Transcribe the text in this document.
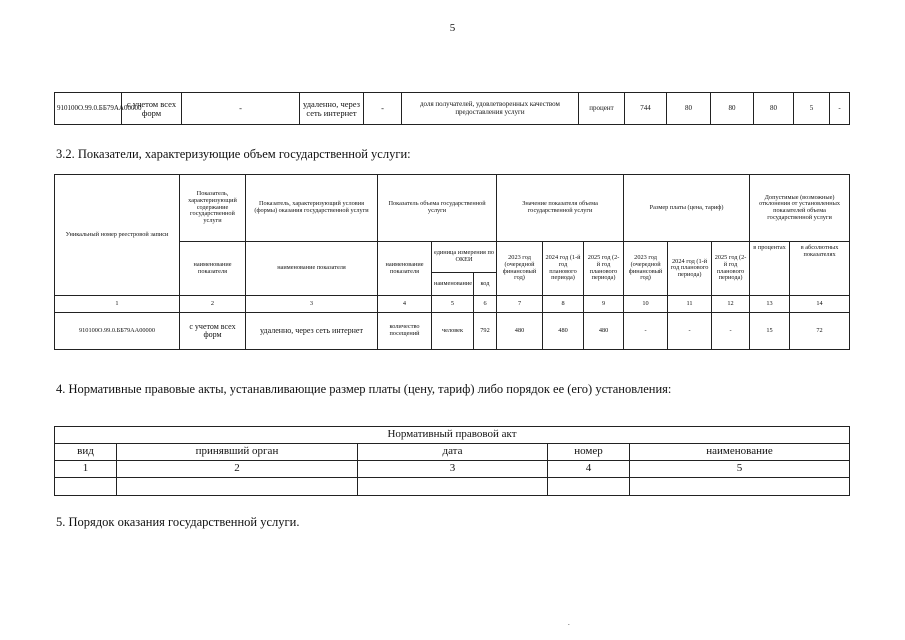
5
910100О.99.0.ББ79АА00000	с учетом всех форм	-	удаленно, через сеть интернет	-	доля получателей, удовлетворенных качеством предоставления услуги	процент	744	80	80	80	5	-
3.2. Показатели, характеризующие объем государственной услуги:
Уникальный номер реестровой записи	Показатель, характеризующий содержание государственной услуги	Показатель, характеризующий условия (формы) оказания государственной услуги	Показатель объема государственной услуги			Значение показателя объема государственной услуги			Размер платы (цена, тариф)			Допустимые (возможные) отклонения от установленных показателей объема государственной услуги	
	наименование показателя	наименование показателя	наименование показателя	единица измерения по ОКЕИ		2023 год (очередной финансовый год)	2024 год (1-й год планового периода)	2025 год (2-й год планового периода)	2023 год (очередной финансовый год)	2024 год (1-й год планового периода)	2025 год (2-й год планового периода)	в процентах	в абсолютных показателях
				наименование	код								
1	2	3	4	5	6	7	8	9	10	11	12	13	14
910100О.99.0.ББ79АА00000	с учетом всех форм	удаленно, через сеть интернет	количество посещений	человек	792	480	480	480	-	-	-	15	72
4. Нормативные правовые акты, устанавливающие размер платы (цену, тариф) либо порядок ее (его) установления:
Нормативный правовой акт				
вид	принявший орган	дата	номер	наименование
1	2	3	4	5

5. Порядок оказания государственной услуги.
.
